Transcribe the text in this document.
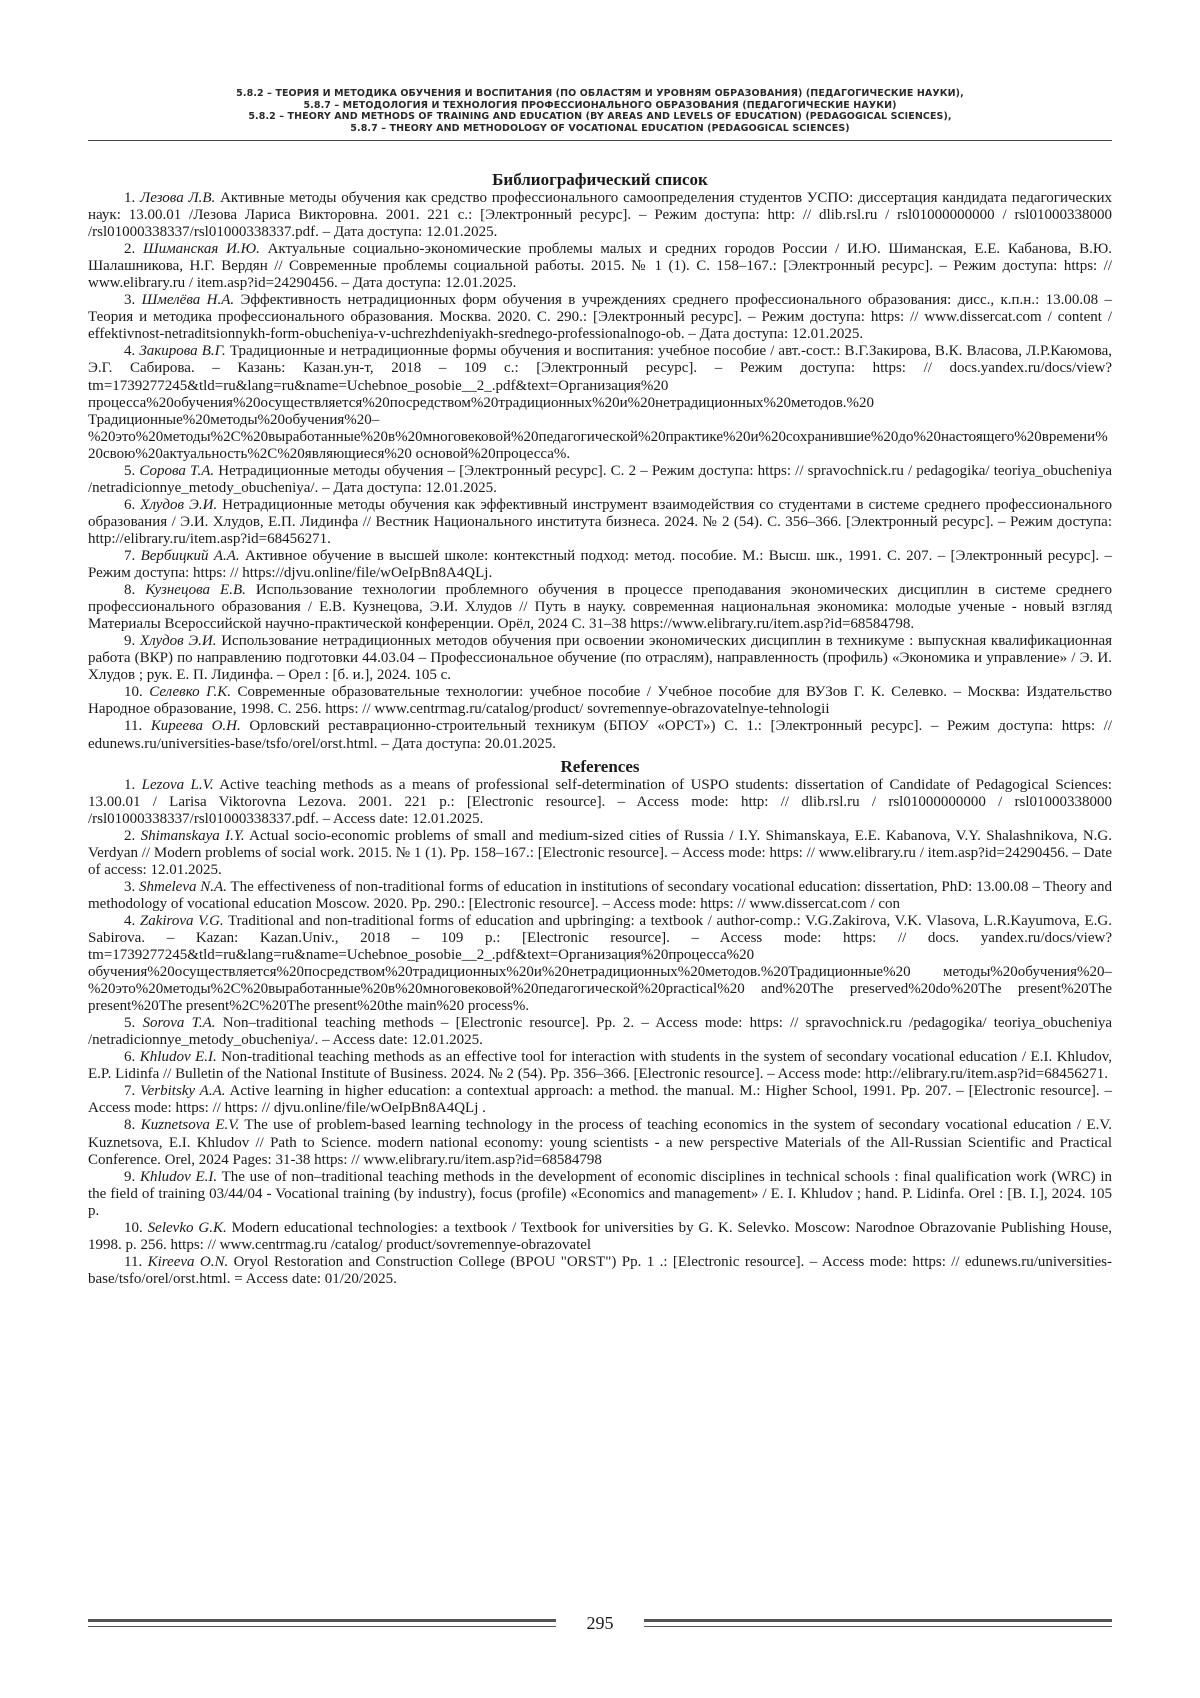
5.8.2 – ТЕОРИЯ И МЕТОДИКА ОБУЧЕНИЯ И ВОСПИТАНИЯ (ПО ОБЛАСТЯМ И УРОВНЯМ ОБРАЗОВАНИЯ) (ПЕДАГОГИЧЕСКИЕ НАУКИ),
5.8.7 – МЕТОДОЛОГИЯ И ТЕХНОЛОГИЯ ПРОФЕССИОНАЛЬНОГО ОБРАЗОВАНИЯ (ПЕДАГОГИЧЕСКИЕ НАУКИ)
5.8.2 – THEORY AND METHODS OF TRAINING AND EDUCATION (BY AREAS AND LEVELS OF EDUCATION) (PEDAGOGICAL SCIENCES),
5.8.7 – THEORY AND METHODOLOGY OF VOCATIONAL EDUCATION (PEDAGOGICAL SCIENCES)
Библиографический список

1. Лезова Л.В. Активные методы обучения как средство профессионального самоопределения студентов УСПО: диссертация кандидата педагогических наук: 13.00.01 /Лезова Лариса Викторовна. 2001. 221 с.: [Электронный ресурс]. – Режим доступа: http: // dlib.rsl.ru / rsl01000000000 / rsl01000338000 /rsl01000338337/rsl01000338337.pdf. – Дата доступа: 12.01.2025.

2. Шиманская И.Ю. Актуальные социально-экономические проблемы малых и средних городов России / И.Ю. Шиманская, Е.Е. Кабанова, В.Ю. Шалашникова, Н.Г. Вердян // Современные проблемы социальной работы. 2015. № 1 (1). С. 158–167.: [Электронный ресурс]. – Режим доступа: https: // www.elibrary.ru / item.asp?id=24290456. – Дата доступа: 12.01.2025.

3. Шмелёва Н.А. Эффективность нетрадиционных форм обучения в учреждениях среднего профессионального образования: дисс., к.п.н.: 13.00.08 – Теория и методика профессионального образования. Москва. 2020. С. 290.: [Электронный ресурс]. – Режим доступа: https: // www.dissercat.com / content / effektivnost-netraditsionnykh-form-obucheniya-v-uchrezhdeniyakh-srednego-professionalnogo-ob. – Дата доступа: 12.01.2025.

4. Закирова В.Г. Традиционные и нетрадиционные формы обучения и воспитания: учебное пособие / авт.-сост.: В.Г.Закирова, В.К. Власова, Л.Р.Каюмова, Э.Г. Сабирова. – Казань: Казан.ун-т, 2018 – 109 с.: [Электронный ресурс]. – Режим доступа: https: // docs.yandex.ru/docs/view?tm=1739277245&tld=ru&lang=ru&name=Uchebnoe_posobie__2_.pdf&text=Организация%20 процесса%20обучения%20осуществляется%20посредством%20традиционных%20и%20нетрадиционных%20методов.%20 Традиционные%20методы%20обучения%20–%20это%20методы%2C%20выработанные%20в%20многовековой%20педагогической%20практике%20и%20сохранившие%20до%20настоящего%20времени%20свою%20актуальность%2C%20являющиеся%20 основой%20процесса%.

5. Сорова Т.А. Нетрадиционные методы обучения – [Электронный ресурс]. С. 2 – Режим доступа: https: // spravochnick.ru / pedagogika/ teoriya_obucheniya /netradicionnye_metody_obucheniya/. – Дата доступа: 12.01.2025.

6. Хлудов Э.И. Нетрадиционные методы обучения как эффективный инструмент взаимодействия со студентами в системе среднего профессионального образования / Э.И. Хлудов, Е.П. Лидинфа // Вестник Национального института бизнеса. 2024. № 2 (54). С. 356–366. [Электронный ресурс]. – Режим доступа: http://elibrary.ru/item.asp?id=68456271.

7. Вербицкий А.А. Активное обучение в высшей школе: контекстный подход: метод. пособие. М.: Высш. шк., 1991. С. 207. – [Электронный ресурс]. – Режим доступа: https: // https://djvu.online/file/wOeIpBn8A4QLj.

8. Кузнецова Е.В. Использование технологии проблемного обучения в процессе преподавания экономических дисциплин в системе среднего профессионального образования / Е.В. Кузнецова, Э.И. Хлудов // Путь в науку. современная национальная экономика: молодые ученые - новый взгляд Материалы Всероссийской научно-практической конференции. Орёл, 2024 С. 31–38 https://www.elibrary.ru/item.asp?id=68584798.

9. Хлудов Э.И. Использование нетрадиционных методов обучения при освоении экономических дисциплин в техникуме : выпускная квалификационная работа (ВКР) по направлению подготовки 44.03.04 – Профессиональное обучение (по отраслям), направленность (профиль) «Экономика и управление» / Э. И. Хлудов ; рук. Е. П. Лидинфа. – Орел : [б. и.], 2024. 105 с.

10. Селевко Г.К. Современные образовательные технологии: учебное пособие / Учебное пособие для ВУЗов Г. К. Селевко. – Москва: Издательство Народное образование, 1998. С. 256. https: // www.centrmag.ru/catalog/product/ sovremennye-obrazovatelnye-tehnologii

11. Киреева О.Н. Орловский реставрационно-строительный техникум (БПОУ «ОРСТ») С. 1.: [Электронный ресурс]. – Режим доступа: https: // edunews.ru/universities-base/tsfo/orel/orst.html. – Дата доступа: 20.01.2025.

References

1. Lezova L.V. Active teaching methods as a means of professional self-determination of USPO students: dissertation of Candidate of Pedagogical Sciences: 13.00.01 / Larisa Viktorovna Lezova. 2001. 221 p.: [Electronic resource]. – Access mode: http: // dlib.rsl.ru / rsl01000000000 / rsl01000338000 /rsl01000338337/rsl01000338337.pdf. – Access date: 12.01.2025.

2. Shimanskaya I.Y. Actual socio-economic problems of small and medium-sized cities of Russia / I.Y. Shimanskaya, E.E. Kabanova, V.Y. Shalashnikova, N.G. Verdyan // Modern problems of social work. 2015. № 1 (1). Pp. 158–167.: [Electronic resource]. – Access mode: https: // www.elibrary.ru / item.asp?id=24290456. – Date of access: 12.01.2025.

3. Shmeleva N.A. The effectiveness of non-traditional forms of education in institutions of secondary vocational education: dissertation, PhD: 13.00.08 – Theory and methodology of vocational education Moscow. 2020. Pp. 290.: [Electronic resource]. – Access mode: https: // www.dissercat.com / con

4. Zakirova V.G. Traditional and non-traditional forms of education and upbringing: a textbook / author-comp.: V.G.Zakirova, V.K. Vlasova, L.R.Kayumova, E.G. Sabirova. – Kazan: Kazan.Univ., 2018 – 109 p.: [Electronic resource]. – Access mode: https: // docs. yandex.ru/docs/view?tm=1739277245&tld=ru&lang=ru&name=Uchebnoe_posobie__2_.pdf&text=Организация%20процесса%20 обучения%20осуществляется%20посредством%20традиционных%20и%20нетрадиционных%20методов.%20Традиционные%20 методы%20обучения%20–%20это%20методы%2C%20выработанные%20в%20многовековой%20педагогической%20practical%20 and%20The preserved%20do%20The present%20The present%20The present%2C%20The present%20the main%20 process%.

5. Sorova T.A. Non–traditional teaching methods – [Electronic resource]. Pp. 2. – Access mode: https: // spravochnick.ru /pedagogika/ teoriya_obucheniya /netradicionnye_metody_obucheniya/. – Access date: 12.01.2025.

6. Khludov E.I. Non-traditional teaching methods as an effective tool for interaction with students in the system of secondary vocational education / E.I. Khludov, E.P. Lidinfa // Bulletin of the National Institute of Business. 2024. № 2 (54). Pp. 356–366. [Electronic resource]. – Access mode: http://elibrary.ru/item.asp?id=68456271.

7. Verbitsky A.A. Active learning in higher education: a contextual approach: a method. the manual. M.: Higher School, 1991. Pp. 207. – [Electronic resource]. – Access mode: https: // https: // djvu.online/file/wOeIpBn8A4QLj .

8. Kuznetsova E.V. The use of problem-based learning technology in the process of teaching economics in the system of secondary vocational education / E.V. Kuznetsova, E.I. Khludov // Path to Science. modern national economy: young scientists - a new perspective Materials of the All-Russian Scientific and Practical Conference. Orel, 2024 Pages: 31-38 https: // www.elibrary.ru/item.asp?id=68584798

9. Khludov E.I. The use of non–traditional teaching methods in the development of economic disciplines in technical schools : final qualification work (WRC) in the field of training 03/44/04 - Vocational training (by industry), focus (profile) «Economics and management» / E. I. Khludov ; hand. P. Lidinfa. Orel : [B. I.], 2024. 105 p.

10. Selevko G.K. Modern educational technologies: a textbook / Textbook for universities by G. K. Selevko. Moscow: Narodnoe Obrazovanie Publishing House, 1998. p. 256. https: // www.centrmag.ru /catalog/ product/sovremennye-obrazovatel

11. Kireeva O.N. Oryol Restoration and Construction College (BPOU "ORST") Pp. 1 .: [Electronic resource]. – Access mode: https: // edunews.ru/universities-base/tsfo/orel/orst.html. = Access date: 01/20/2025.

295
